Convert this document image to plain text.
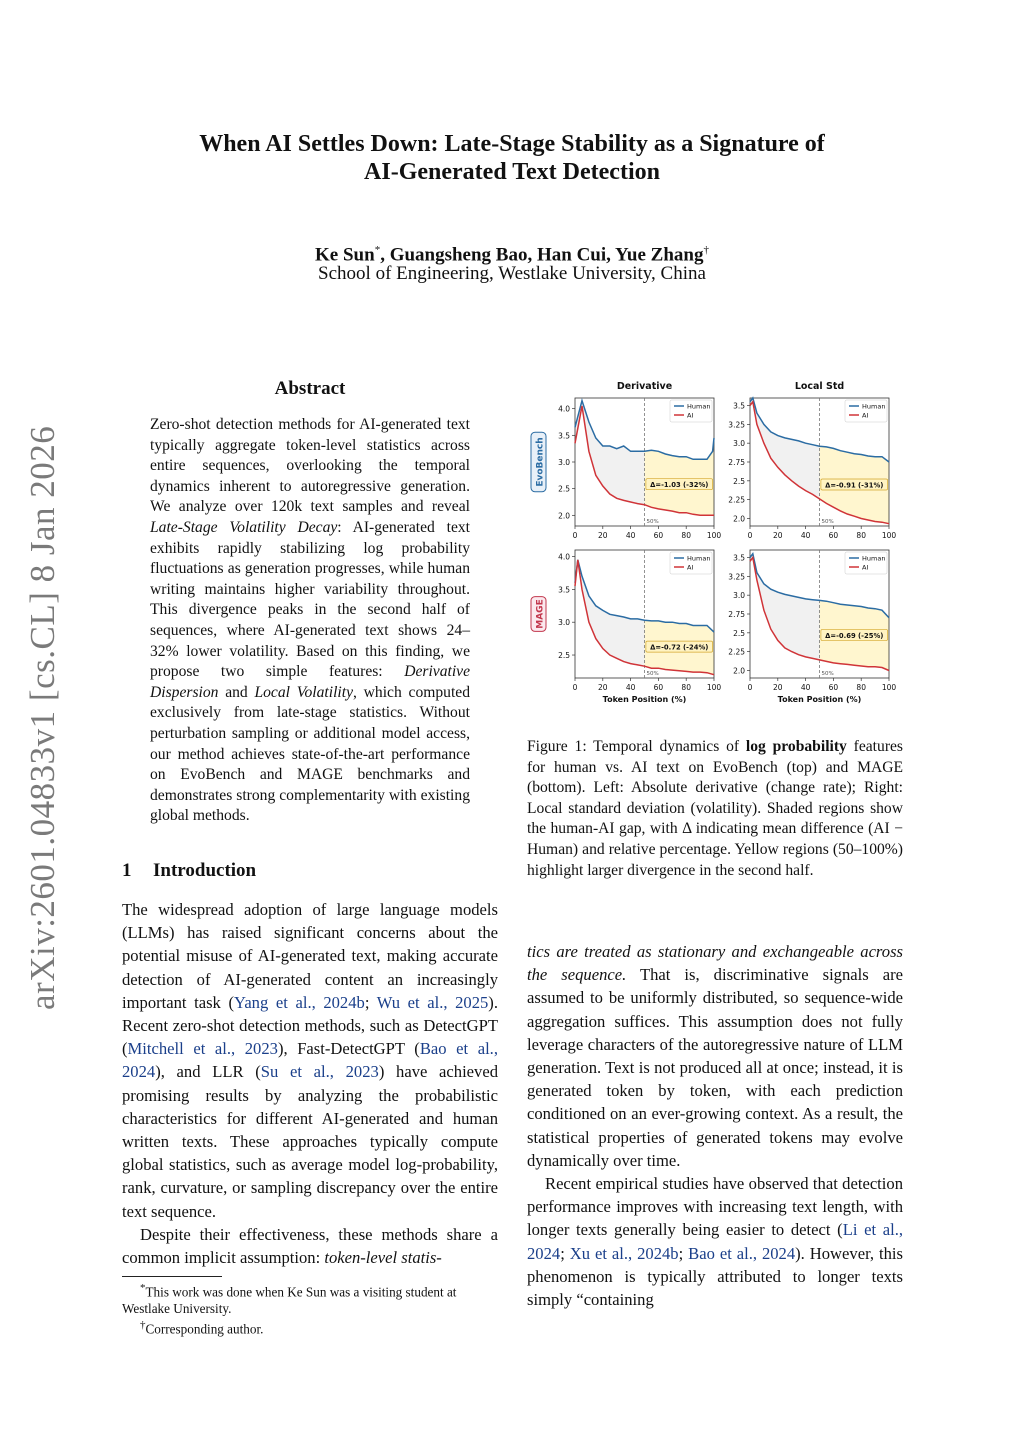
arXiv:2601.04833v1 [cs.CL] 8 Jan 2026
When AI Settles Down: Late-Stage Stability as a Signature of
AI-Generated Text Detection
Ke Sun*, Guangsheng Bao, Han Cui, Yue Zhang†
School of Engineering, Westlake University, China
Abstract
Zero-shot detection methods for AI-generated text typically aggregate token-level statistics across entire sequences, overlooking the temporal dynamics inherent to autoregressive generation. We analyze over 120k text samples and reveal Late-Stage Volatility Decay: AI-generated text exhibits rapidly stabilizing log probability fluctuations as generation progresses, while human writing maintains higher variability throughout. This divergence peaks in the second half of sequences, where AI-generated text shows 24–32% lower volatility. Based on this finding, we propose two simple features: Derivative Dispersion and Local Volatility, which computed exclusively from late-stage statistics. Without perturbation sampling or additional model access, our method achieves state-of-the-art performance on EvoBench and MAGE benchmarks and demonstrates strong complementarity with existing global methods.
1 Introduction

The widespread adoption of large language models (LLMs) has raised significant concerns about the potential misuse of AI-generated text, making accurate detection of AI-generated content an increasingly important task (Yang et al., 2024b; Wu et al., 2025). Recent zero-shot detection methods, such as DetectGPT (Mitchell et al., 2023), Fast-DetectGPT (Bao et al., 2024), and LLR (Su et al., 2023) have achieved promising results by analyzing the probabilistic characteristics for different AI-generated and human written texts. These approaches typically compute global statistics, such as average model log-probability, rank, curvature, or sampling discrepancy over the entire text sequence.

Despite their effectiveness, these methods share a common implicit assumption: token-level statis-

*This work was done when Ke Sun was a visiting student at Westlake University.

†Corresponding author.

Derivative
2.0
2.5
3.0
3.5
4.0
0	20 40 60 80 100
50%
Δ=-1.03 (-32%)
Human
AI
EvoBench
Local Std
2.0
2.25
2.5
2.75
3.0
3.25
3.5
0	20 40 60 80 100
50%
Δ=-0.91 (-31%)
Human
AI
2.5
3.0
3.5
4.0
0	20 40 60 80 100
Token Position (%)
50%
Δ=-0.72 (-24%)
Human
AI
MAGE
2.0
2.25
2.5
2.75
3.0
3.25
3.5
0	20 40 60 80 100
Token Position (%)
50%
Δ=-0.69 (-25%)
Human
AI
Figure 1: Temporal dynamics of log probability features for human vs. AI text on EvoBench (top) and MAGE (bottom). Left: Absolute derivative (change rate); Right: Local standard deviation (volatility). Shaded regions show the human-AI gap, with Δ indicating mean difference (AI − Human) and relative percentage. Yellow regions (50–100%) highlight larger divergence in the second half.

tics are treated as stationary and exchangeable across the sequence. That is, discriminative signals are assumed to be uniformly distributed, so sequence-wide aggregation suffices. This assumption does not fully leverage characters of the autoregressive nature of LLM generation. Text is not produced all at once; instead, it is generated token by token, with each prediction conditioned on an ever-growing context. As a result, the statistical properties of generated tokens may evolve dynamically over time.

Recent empirical studies have observed that detection performance improves with increasing text length, with longer texts generally being easier to detect (Li et al., 2024; Xu et al., 2024b; Bao et al., 2024). However, this phenomenon is typically attributed to longer texts simply “containing
